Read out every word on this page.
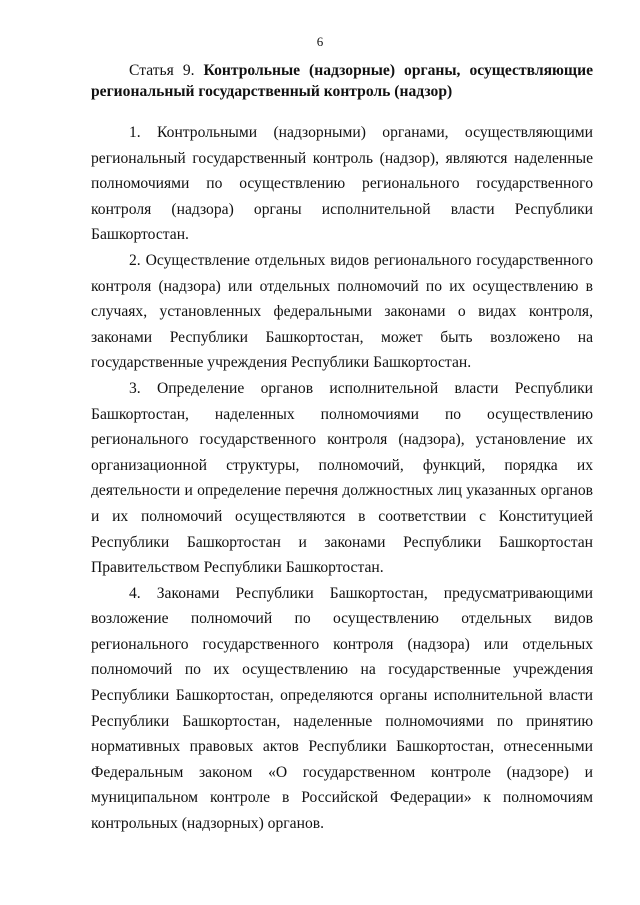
6

Статья 9. Контрольные (надзорные) органы, осуществляющие региональный государственный контроль (надзор)

1. Контрольными (надзорными) органами, осуществляющими региональный государственный контроль (надзор), являются наделенные полномочиями по осуществлению регионального государственного контроля (надзора) органы исполнительной власти Республики Башкортостан.

2. Осуществление отдельных видов регионального государственного контроля (надзора) или отдельных полномочий по их осуществлению в случаях, установленных федеральными законами о видах контроля, законами Республики Башкортостан, может быть возложено на государственные учреждения Республики Башкортостан.

3. Определение органов исполнительной власти Республики Башкортостан, наделенных полномочиями по осуществлению регионального государственного контроля (надзора), установление их организационной структуры, полномочий, функций, порядка их деятельности и определение перечня должностных лиц указанных органов и их полномочий осуществляются в соответствии с Конституцией Республики Башкортостан и законами Республики Башкортостан Правительством Республики Башкортостан.

4. Законами Республики Башкортостан, предусматривающими возложение полномочий по осуществлению отдельных видов регионального государственного контроля (надзора) или отдельных полномочий по их осуществлению на государственные учреждения Республики Башкортостан, определяются органы исполнительной власти Республики Башкортостан, наделенные полномочиями по принятию нормативных правовых актов Республики Башкортостан, отнесенными Федеральным законом «О государственном контроле (надзоре) и муниципальном контроле в Российской Федерации» к полномочиям контрольных (надзорных) органов.
